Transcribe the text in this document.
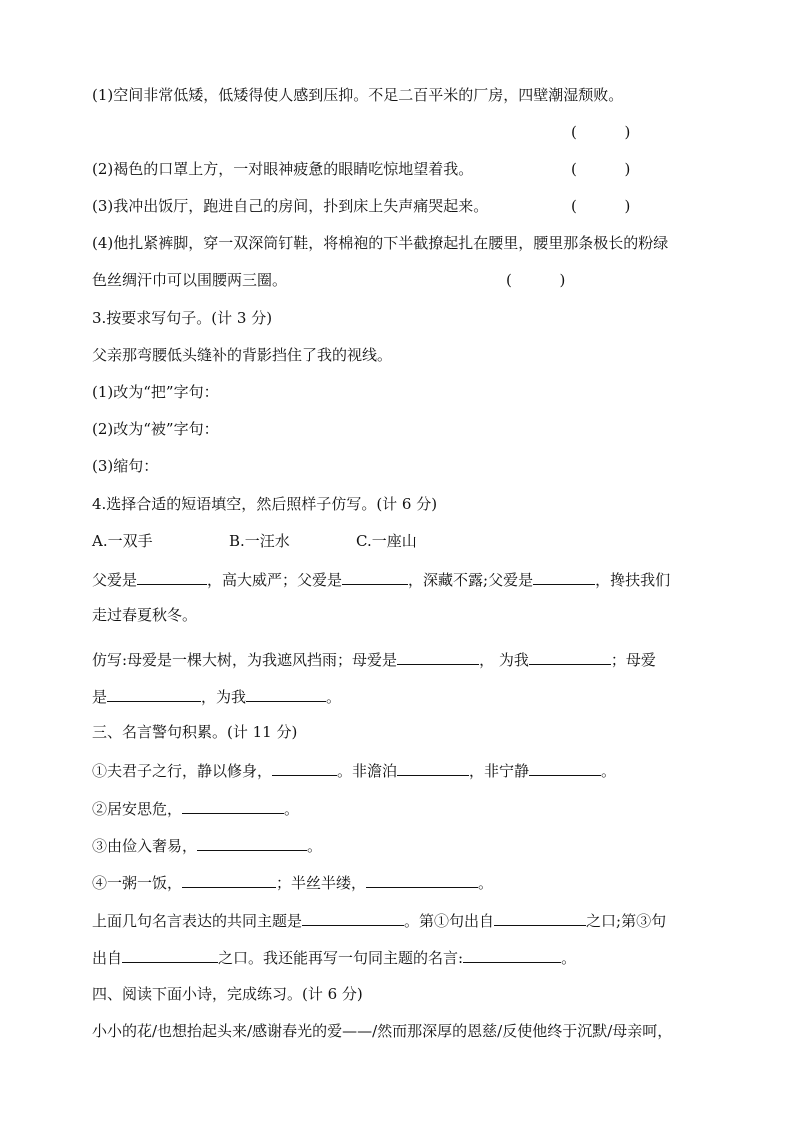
(1)空间非常低矮，低矮得使人感到压抑。不足二百平米的厂房，四壁潮湿颓败。
(          )
(2)褐色的口罩上方，一对眼神疲惫的眼睛吃惊地望着我。	(          )
(3)我冲出饭厅，跑进自己的房间，扑到床上失声痛哭起来。	(          )
(4)他扎紧裤脚，穿一双深筒钉鞋，将棉袍的下半截撩起扎在腰里，腰里那条极长的粉绿
色丝绸汗巾可以围腰两三圈。	(          )
3.按要求写句子。(计 3 分)
父亲那弯腰低头缝补的背影挡住了我的视线。
(1)改为“把”字句：
(2)改为“被”字句：
(3)缩句：
4.选择合适的短语填空，然后照样子仿写。(计 6 分)
A.一双手	B.一汪水	C.一座山
父爱是	，高大威严；父爱是	，深藏不露;父爱是	，搀扶我们
走过春夏秋冬。
仿写:母爱是一棵大树，为我遮风挡雨；母爱是	， 为我	；母爱
是	，为我	。
三、名言警句积累。(计 11 分)
①夫君子之行，静以修身，	。非澹泊	，非宁静	。
②居安思危，	。
③由俭入奢易，	。
④一粥一饭，	；半丝半缕，	。
上面几句名言表达的共同主题是	。第①句出自	之口;第③句
出自	之口。我还能再写一句同主题的名言:	。
四、阅读下面小诗，完成练习。(计 6 分)
小小的花/也想抬起头来/感谢春光的爱——/然而那深厚的恩慈/反使他终于沉默/母亲呵，
